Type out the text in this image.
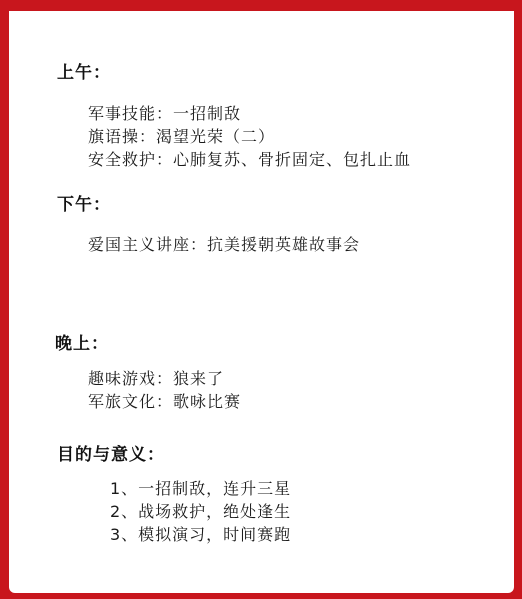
上午：
军事技能：一招制敌
旗语操：渴望光荣（二）
安全救护：心肺复苏、骨折固定、包扎止血
下午：
爱国主义讲座：抗美援朝英雄故事会
晚上：
趣味游戏：狼来了
军旅文化：歌咏比赛
目的与意义：
1、一招制敌，连升三星
2、战场救护，绝处逢生
3、模拟演习，时间赛跑
